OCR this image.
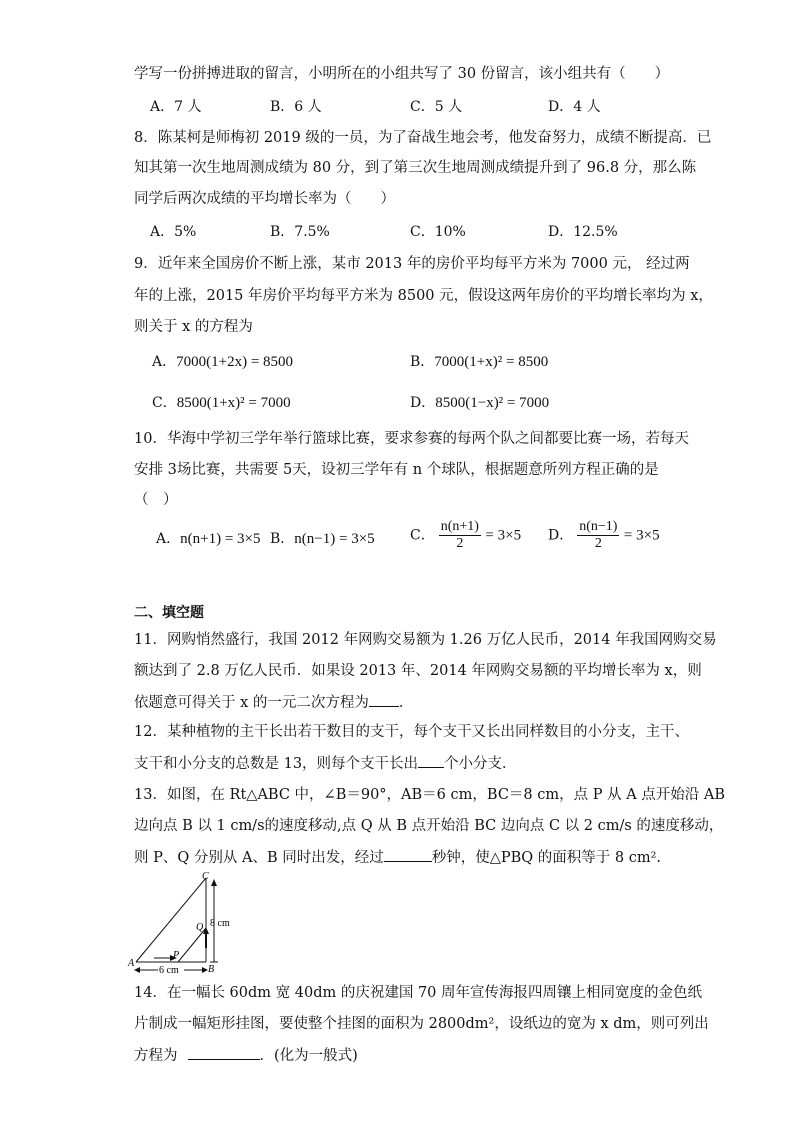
学写一份拼搏进取的留言，小明所在的小组共写了 30 份留言，该小组共有（　　）
A．7 人	B．6 人	C．5 人	D．4 人
8．陈某柯是师梅初 2019 级的一员，为了奋战生地会考，他发奋努力，成绩不断提高．已
知其第一次生地周测成绩为 80 分，到了第三次生地周测成绩提升到了 96.8 分，那么陈
同学后两次成绩的平均增长率为（　　）
A．5%	B．7.5%	C．10%	D．12.5%
9．近年来全国房价不断上涨，某市 2013 年的房价平均每平方米为 7000 元， 经过两
年的上涨，2015 年房价平均每平方米为 8500 元，假设这两年房价的平均增长率均为 x，
则关于 x 的方程为
A．7000(1+2x) = 8500	B．7000(1+x)² = 8500
C．8500(1+x)² = 7000	D．8500(1−x)² = 7000
10．华海中学初三学年举行篮球比赛，要求参赛的每两个队之间都要比赛一场，若每天
安排 3场比赛，共需要 5天，设初三学年有 n 个球队，根据题意所列方程正确的是
（　）
A．n(n+1) = 3×5 B．n(n−1) = 3×5	C． $\frac{n(n+1)}{2} = 3\times 5$ D． $\frac{n(n-1)}{2} = 3\times 5$
二、填空题
11．网购悄然盛行，我国 2012 年网购交易额为 1.26 万亿人民币，2014 年我国网购交易
额达到了 2.8 万亿人民币．如果设 2013 年、2014 年网购交易额的平均增长率为 x，则
依题意可得关于 x 的一元二次方程为 ．
12．某种植物的主干长出若干数目的支干，每个支干又长出同样数目的小分支，主干、
支干和小分支的总数是 13，则每个支干长出 个小分支．
13．如图，在 Rt△ABC 中，∠B＝90°，AB＝6 cm，BC＝8 cm，点 P 从 A 点开始沿 AB
边向点 B 以 1 cm/s的速度移动,点 Q 从 B 点开始沿 BC 边向点 C 以 2 cm/s 的速度移动，
则 P、Q 分别从 A、B 同时出发，经过	秒钟，使△PBQ 的面积等于 8 cm².
C
Q
A
P
B
8 cm
6 cm
14．在一幅长 60dm 宽 40dm 的庆祝建国 70 周年宣传海报四周镶上相同宽度的金色纸
片制成一幅矩形挂图，要使整个挂图的面积为 2800dm²，设纸边的宽为 x dm，则可列出
方程为	．(化为一般式)
